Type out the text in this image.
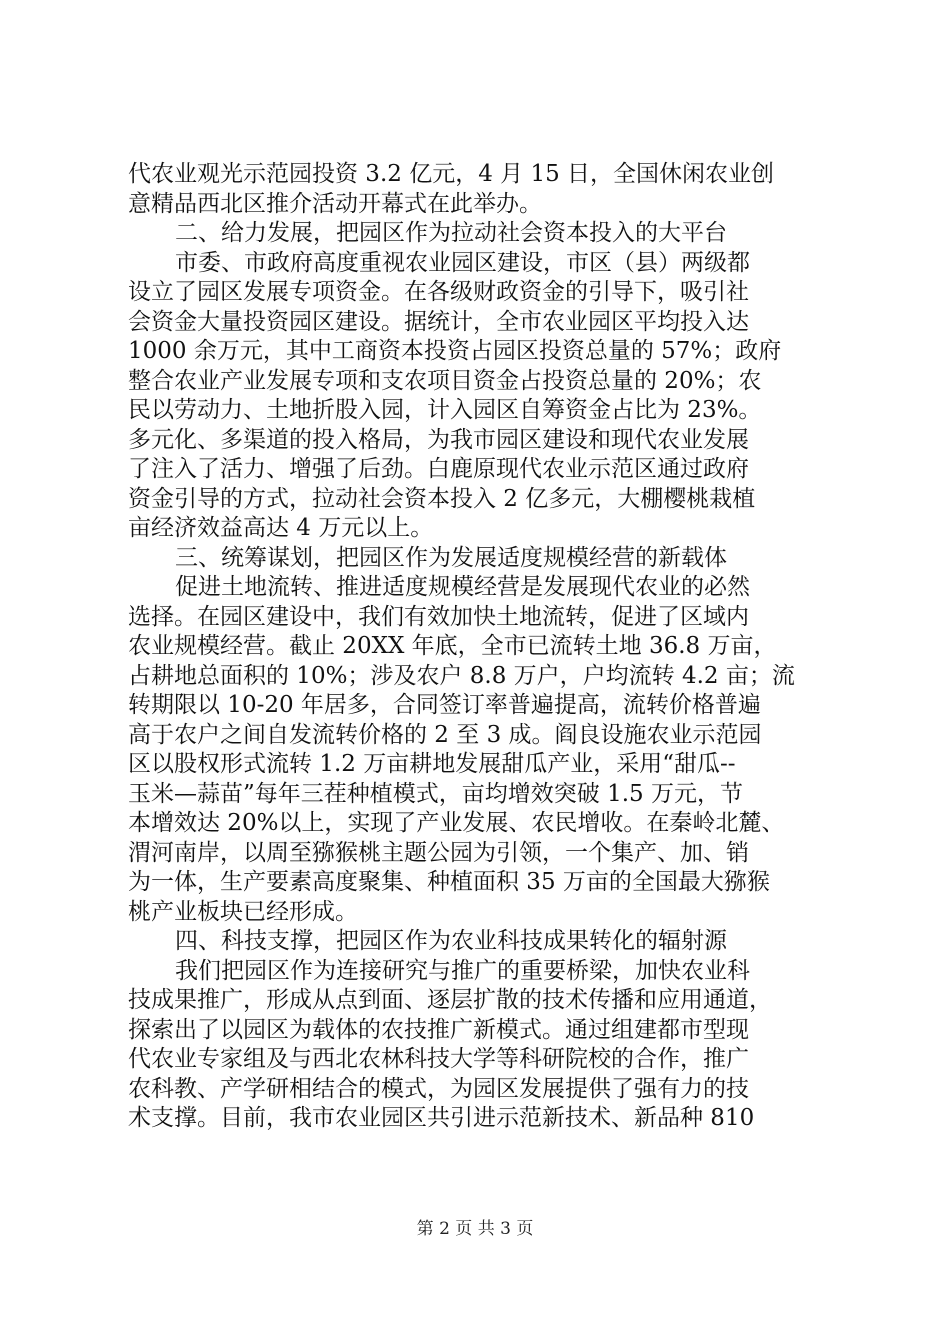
代农业观光示范园投资 3.2 亿元，4 月 15 日，全国休闲农业创
意精品西北区推介活动开幕式在此举办。
二、给力发展，把园区作为拉动社会资本投入的大平台
市委、市政府高度重视农业园区建设，市区（县）两级都
设立了园区发展专项资金。在各级财政资金的引导下，吸引社
会资金大量投资园区建设。据统计，全市农业园区平均投入达
1000 余万元，其中工商资本投资占园区投资总量的 57%；政府
整合农业产业发展专项和支农项目资金占投资总量的 20%；农
民以劳动力、土地折股入园，计入园区自筹资金占比为 23%。
多元化、多渠道的投入格局，为我市园区建设和现代农业发展
了注入了活力、增强了后劲。白鹿原现代农业示范区通过政府
资金引导的方式，拉动社会资本投入 2 亿多元，大棚樱桃栽植
亩经济效益高达 4 万元以上。
三、统筹谋划，把园区作为发展适度规模经营的新载体
促进土地流转、推进适度规模经营是发展现代农业的必然
选择。在园区建设中，我们有效加快土地流转，促进了区域内
农业规模经营。截止 20XX 年底，全市已流转土地 36.8 万亩，
占耕地总面积的 10%；涉及农户 8.8 万户，户均流转 4.2 亩；流
转期限以 10-20 年居多，合同签订率普遍提高，流转价格普遍
高于农户之间自发流转价格的 2 至 3 成。阎良设施农业示范园
区以股权形式流转 1.2 万亩耕地发展甜瓜产业，采用“甜瓜--
玉米—蒜苗”每年三茬种植模式，亩均增效突破 1.5 万元，节
本增效达 20%以上，实现了产业发展、农民增收。在秦岭北麓、
渭河南岸，以周至猕猴桃主题公园为引领，一个集产、加、销
为一体，生产要素高度聚集、种植面积 35 万亩的全国最大猕猴
桃产业板块已经形成。
四、科技支撑，把园区作为农业科技成果转化的辐射源
我们把园区作为连接研究与推广的重要桥梁，加快农业科
技成果推广，形成从点到面、逐层扩散的技术传播和应用通道，
探索出了以园区为载体的农技推广新模式。通过组建都市型现
代农业专家组及与西北农林科技大学等科研院校的合作，推广
农科教、产学研相结合的模式，为园区发展提供了强有力的技
术支撑。目前，我市农业园区共引进示范新技术、新品种 810
第 2 页 共 3 页
